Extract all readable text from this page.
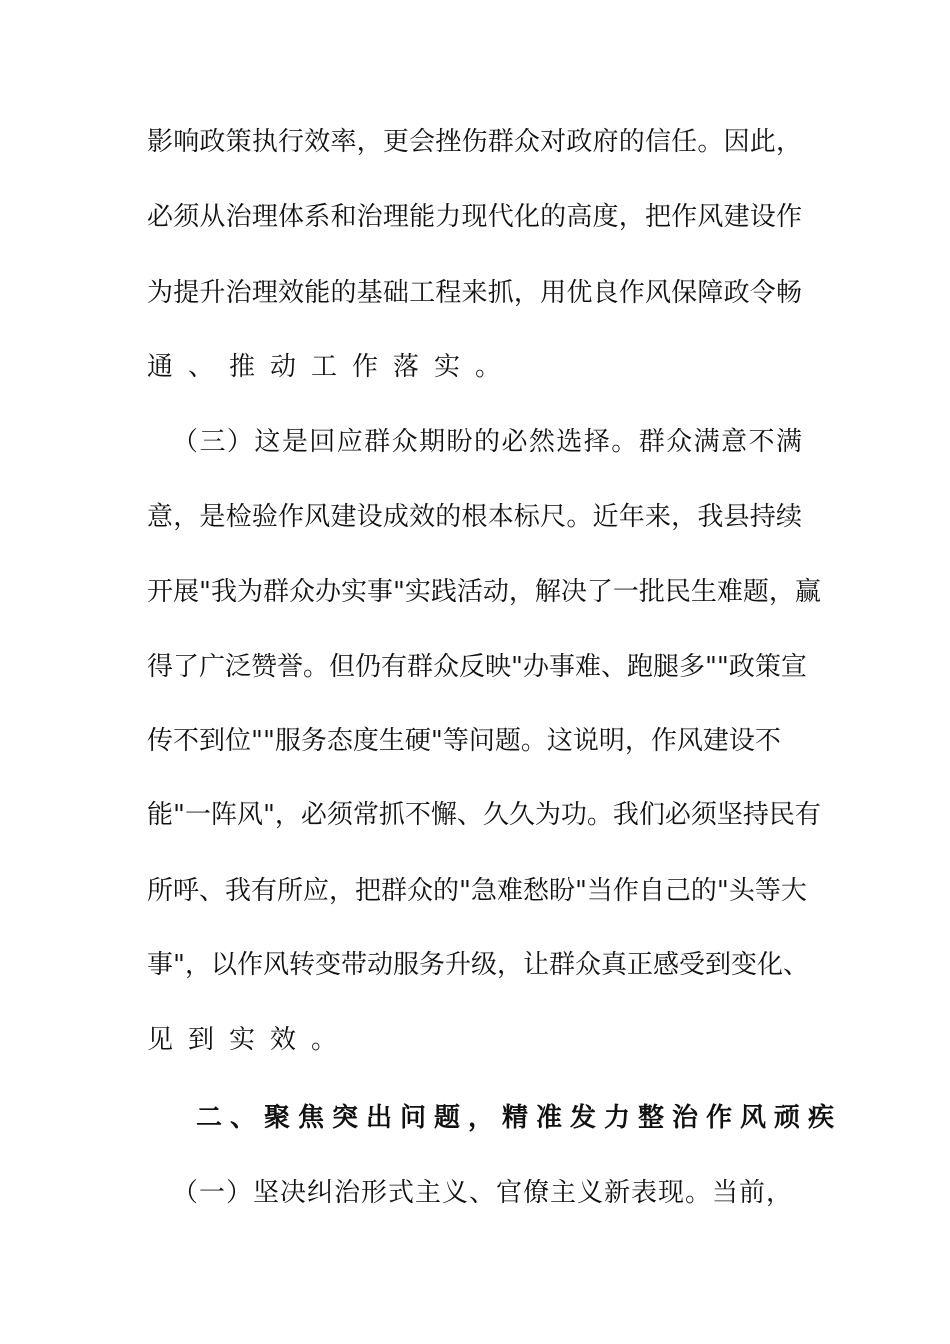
影响政策执行效率，更会挫伤群众对政府的信任。因此，
必须从治理体系和治理能力现代化的高度，把作风建设作
为提升治理效能的基础工程来抓，用优良作风保障政令畅
通、推动工作落实。
（三）这是回应群众期盼的必然选择。群众满意不满
意，是检验作风建设成效的根本标尺。近年来，我县持续
开展"我为群众办实事"实践活动，解决了一批民生难题，赢
得了广泛赞誉。但仍有群众反映"办事难、跑腿多""政策宣
传不到位""服务态度生硬"等问题。这说明，作风建设不
能"一阵风"，必须常抓不懈、久久为功。我们必须坚持民有
所呼、我有所应，把群众的"急难愁盼"当作自己的"头等大
事"，以作风转变带动服务升级，让群众真正感受到变化、
见到实效。
二、聚焦突出问题，精准发力整治作风顽疾
（一）坚决纠治形式主义、官僚主义新表现。当前，
